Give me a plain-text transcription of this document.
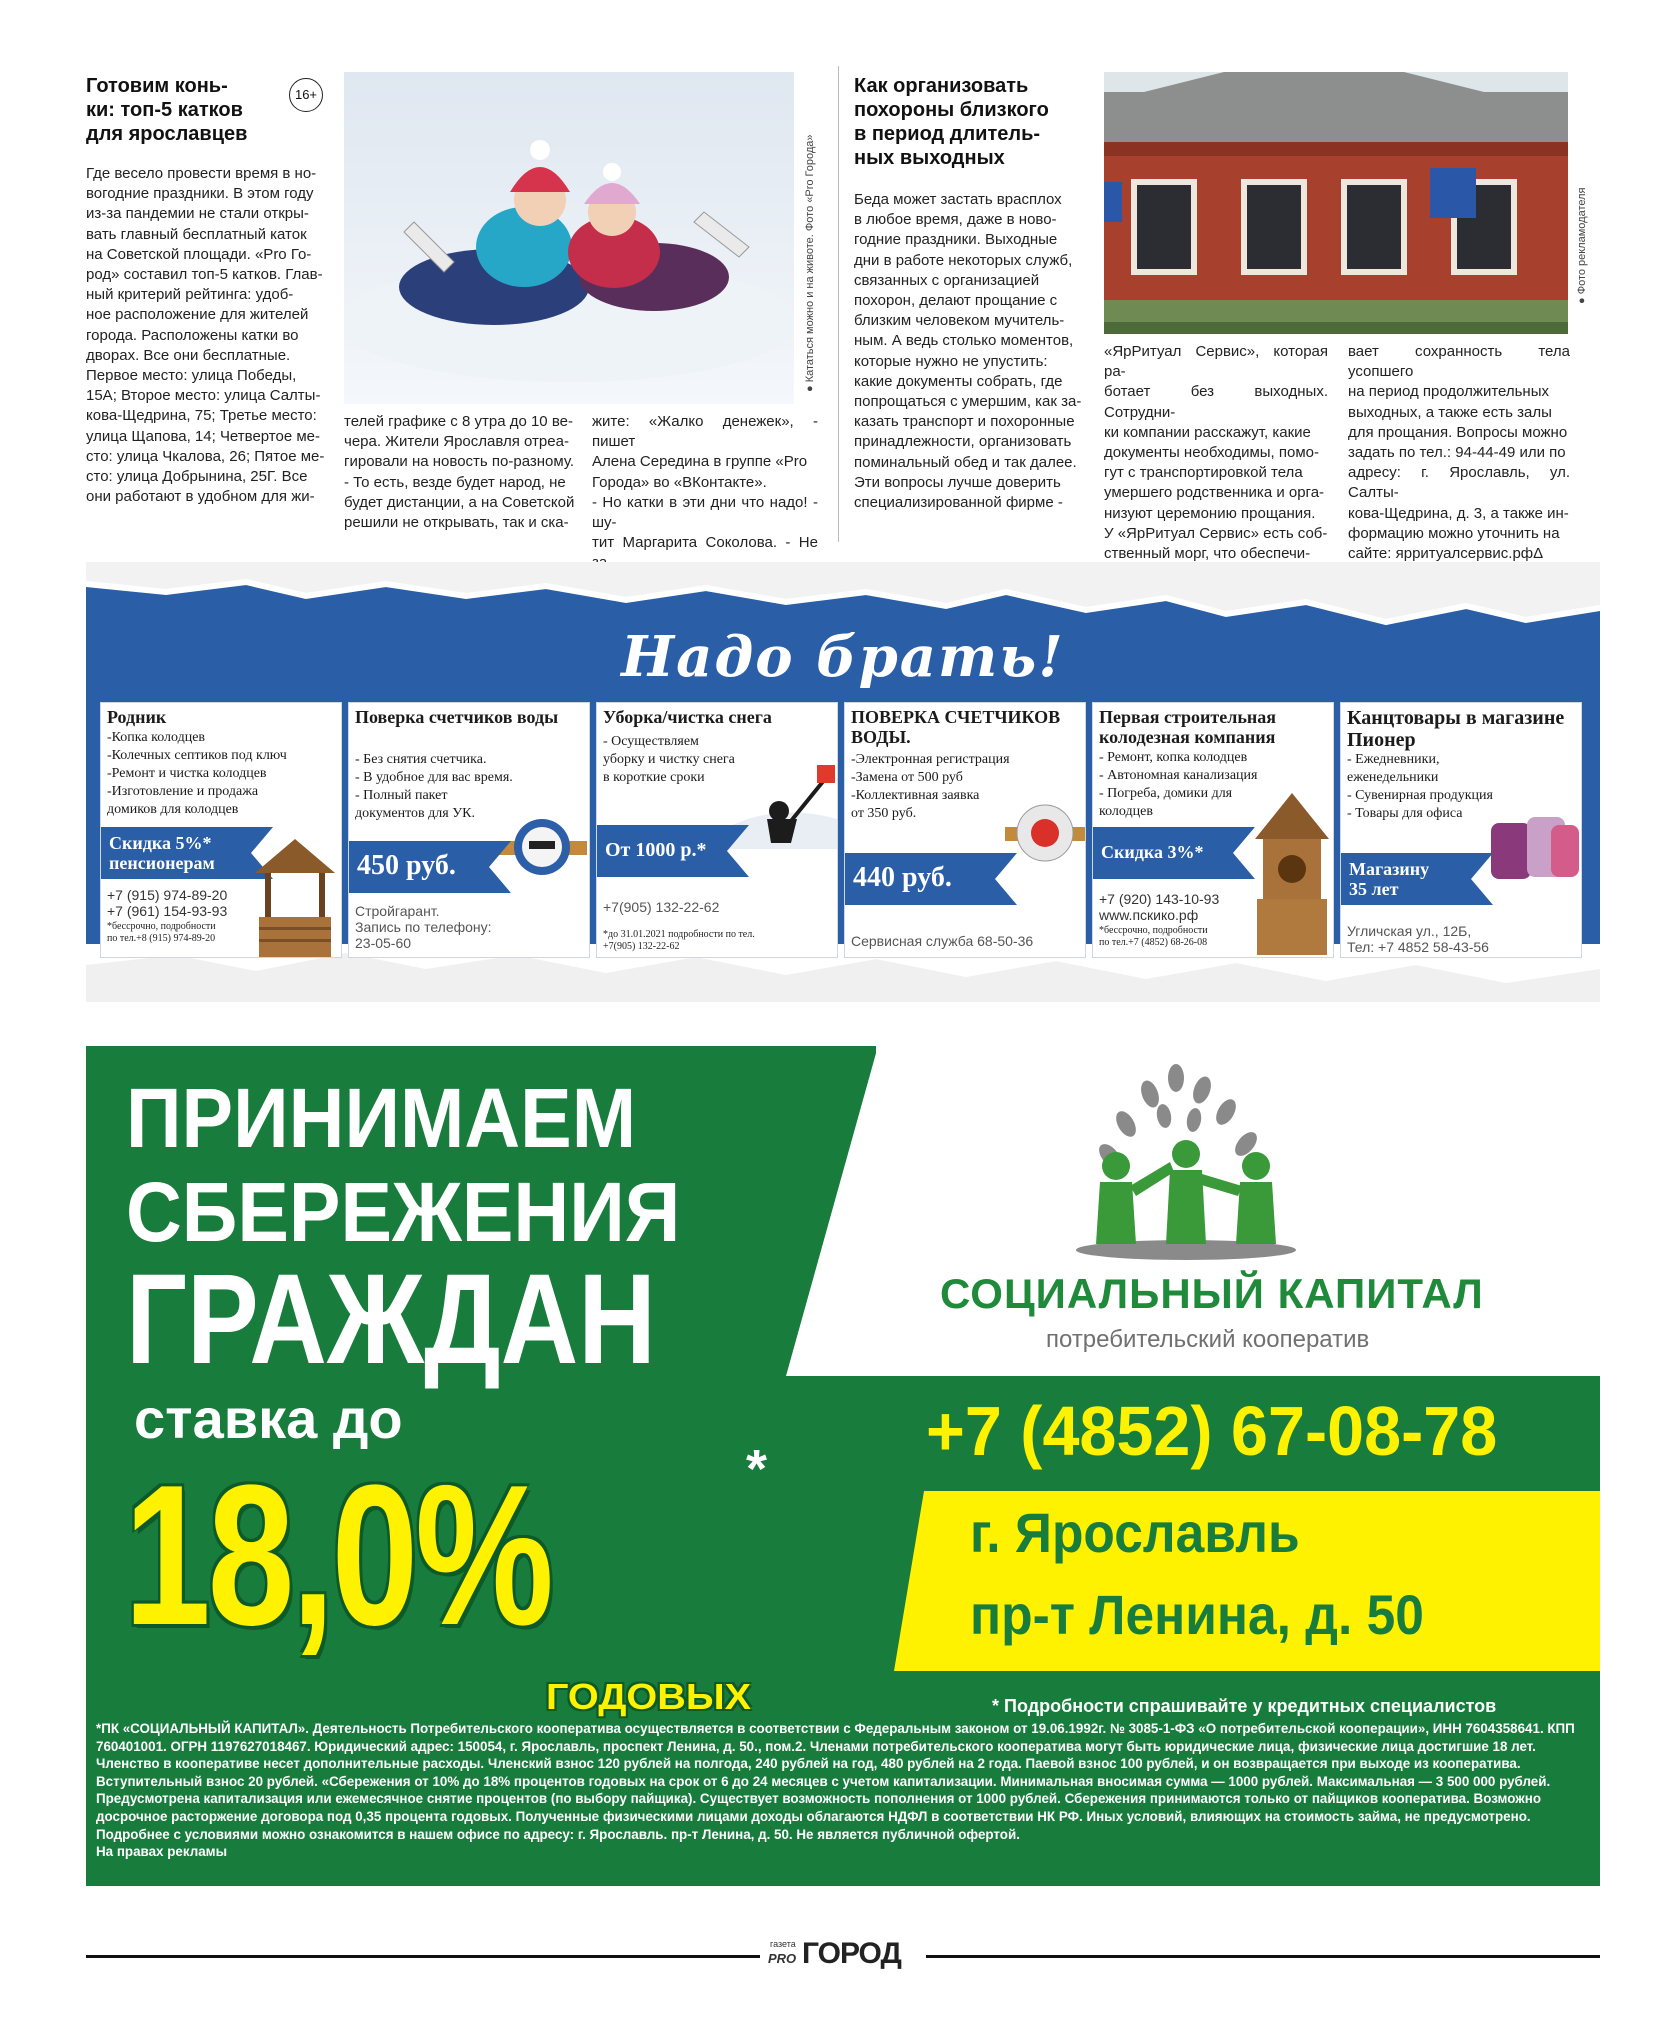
Готовим конь-
ки: топ-5 катков
для ярославцев
16+

Где весело провести время в но-

вогодние праздники. В этом году

из-за пандемии не стали откры-

вать главный бесплатный каток

на Советской площади. «Pro Го-

род» составил топ-5 катков. Глав-

ный критерий рейтинга: удоб-

ное расположение для жителей

города. Расположены катки во

дворах. Все они бесплатные.

Первое место: улица Победы,

15А; Второе место: улица Салты-

кова-Щедрина, 75; Третье место:

улица Щапова, 14; Четвертое ме-

сто: улица Чкалова, 26; Пятое ме-

сто: улица Добрынина, 25Г. Все

они работают в удобном для жи-

● Кататься можно и на животе. Фото «Pro Города»

телей графике с 8 утра до 10 ве-

чера. Жители Ярославля отреа-

гировали на новость по-разному.

- То есть, везде будет народ, не

будет дистанции, а на Советской

решили не открывать, так и ска-

жите: «Жалко денежек», - пишет

Алена Середина в группе «Pro

Города» во «ВКонтакте».

- Но катки в эти дни что надо! - шу-

тит Маргарита Соколова. - Не

Как организовать
похороны близкого
в период длитель-
ных выходных

Беда может застать врасплох

в любое время, даже в ново-

годние праздники. Выходные

дни в работе некоторых служб,

связанных с организацией

похорон, делают прощание с

близким человеком мучитель-

ным. А ведь столько моментов,

которые нужно не упустить:

какие документы собрать, где

попрощаться с умершим, как за-

казать транспорт и похоронные

принадлежности, организовать

поминальный обед и так далее.

Эти вопросы лучше доверить

специализированной фирме -

● Фото рекламодателя

«ЯрРитуал Сервис», которая ра-

ботает без выходных. Сотрудни-

ки компании расскажут, какие

документы необходимы, помо-

гут с транспортировкой тела

умершего родственника и орга-

низуют церемонию прощания.

У «ЯрРитуал Сервис» есть соб-

ственный морг, что обеспечи-

вает сохранность тела усопшего

на период продолжительных

выходных, а также есть залы

для прощания. Вопросы можно

задать по тел.: 94-44-49 или по

адресу: г. Ярославль, ул. Салты-

кова-Щедрина, д. 3, а также ин-

формацию можно уточнить на

сайте: ярритуалсервис.рфΔ

Надо брать!
Родник
-Копка колодцев
-Колечных септиков под ключ
-Ремонт и чистка колодцев
-Изготовление и продажа
домиков для колодцев
Скидка 5%*
пенсионерам
+7 (915) 974-89-20
+7 (961) 154-93-93
*бессрочно, подробности
по тел.+8 (915) 974-89-20
Поверка счетчиков воды
- Без снятия счетчика.
- В удобное для вас время.
- Полный пакет
документов для УК.
450 руб.
Стройгарант.
Запись по телефону:
23-05-60
Уборка/чистка снега
- Осуществляем
уборку и чистку снега
в короткие сроки
От 1000 р.*
+7(905) 132-22-62
*до 31.01.2021 подробности по тел.
+7(905) 132-22-62
ПОВЕРКА СЧЕТЧИКОВ ВОДЫ.
-Электронная регистрация
-Замена от 500 руб
-Коллективная заявка
от 350 руб.
440 руб.
Сервисная служба 68-50-36
Первая строительная колодезная компания
- Ремонт, копка колодцев
- Автономная канализация
- Погреба, домики для
колодцев
Скидка 3%*
+7 (920) 143-10-93
www.пскико.рф
*бессрочно, подробности
по тел.+7 (4852) 68-26-08
Канцтовары в магазине Пионер
- Ежедневники,
еженедельники
- Сувенирная продукция
- Товары для офиса
Магазину
35 лет
Угличская ул., 12Б,
Тел: +7 4852 58-43-56
ПРИНИМАЕМ
СБЕРЕЖЕНИЯ
ГРАЖДАН
ставка до
18,0%	*
ГОДОВЫХ
СОЦИАЛЬНЫЙ КАПИТАЛ
потребительский кооператив
+7 (4852) 67-08-78
г. Ярославль
пр-т Ленина, д. 50
* Подробности спрашивайте у кредитных специалистов
*ПК «СОЦИАЛЬНЫЙ КАПИТАЛ». Деятельность Потребительского кооператива осуществляется в соответствии с Федеральным законом от 19.06.1992г. № 3085-1-ФЗ «О потребительской кооперации», ИНН 7604358641. КПП 760401001. ОГРН 1197627018467. Юридический адрес: 150054, г. Ярославль, проспект Ленина, д. 50., пом.2. Членами потребительского кооператива могут быть юридические лица, физические лица достигшие 18 лет. Членство в кооперативе несет дополнительные расходы. Членский взнос 120 рублей на полгода, 240 рублей на год, 480 рублей на 2 года. Паевой взнос 100 рублей, и он возвращается при выходе из кооператива. Вступительный взнос 20 рублей. «Сбережения от 10% до 18% процентов годовых на срок от 6 до 24 месяцев с учетом капитализации. Минимальная вносимая сумма — 1000 рублей. Максимальная — 3 500 000 рублей. Предусмотрена капитализация или ежемесячное снятие процентов (по выбору пайщика). Существует возможность пополнения от 1000 рублей. Сбережения принимаются только от пайщиков кооператива. Возможно досрочное расторжение договора под 0,35 процента годовых. Полученные физическими лицами доходы облагаются НДФЛ в соответствии НК РФ. Иных условий, влияющих на стоимость займа, не предусмотрено. Подробнее с условиями можно ознакомится в нашем офисе по адресу: г. Ярославль. пр-т Ленина, д. 50. Не является публичной офертой.
На правах рекламы
газета
PRO ГОРОД
